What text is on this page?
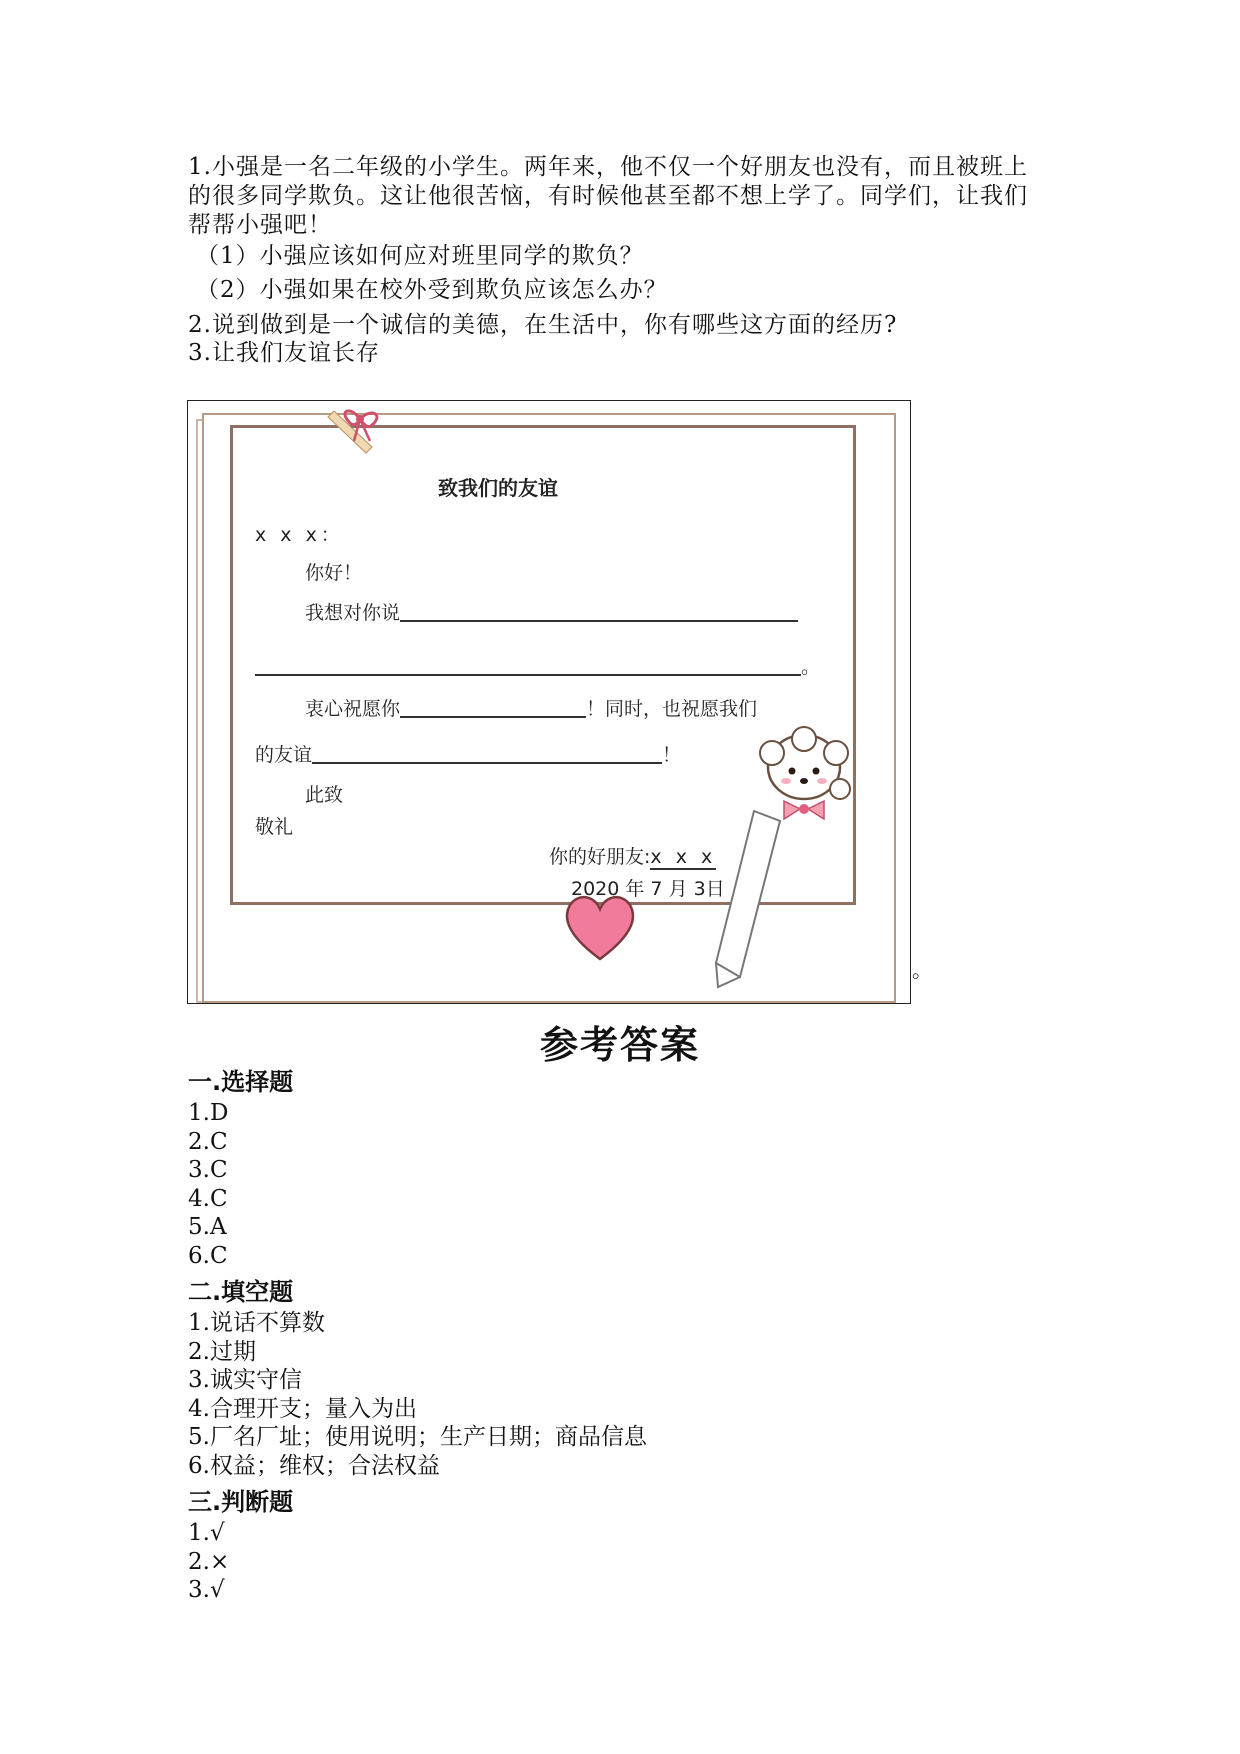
1.小强是一名二年级的小学生。两年来，他不仅一个好朋友也没有，而且被班上的很多同学欺负。这让他很苦恼，有时候他甚至都不想上学了。同学们，让我们帮帮小强吧！
（1）小强应该如何应对班里同学的欺负？
（2）小强如果在校外受到欺负应该怎么办？
2.说到做到是一个诚信的美德，在生活中，你有哪些这方面的经历?
3.让我们友谊长存
致我们的友谊
x x x：
你好！
我想对你说
。
衷心祝愿你	！同时，也祝愿我们
的友谊	！
此致
敬礼
你的好朋友:x x x
2020 年 7 月 3日
。
参考答案
一.选择题
1.D
2.C
3.C
4.C
5.A
6.C
二.填空题
1.说话不算数
2.过期
3.诚实守信
4.合理开支；量入为出
5.厂名厂址；使用说明；生产日期；商品信息
6.权益；维权；合法权益
三.判断题
1.√
2.×
3.√
